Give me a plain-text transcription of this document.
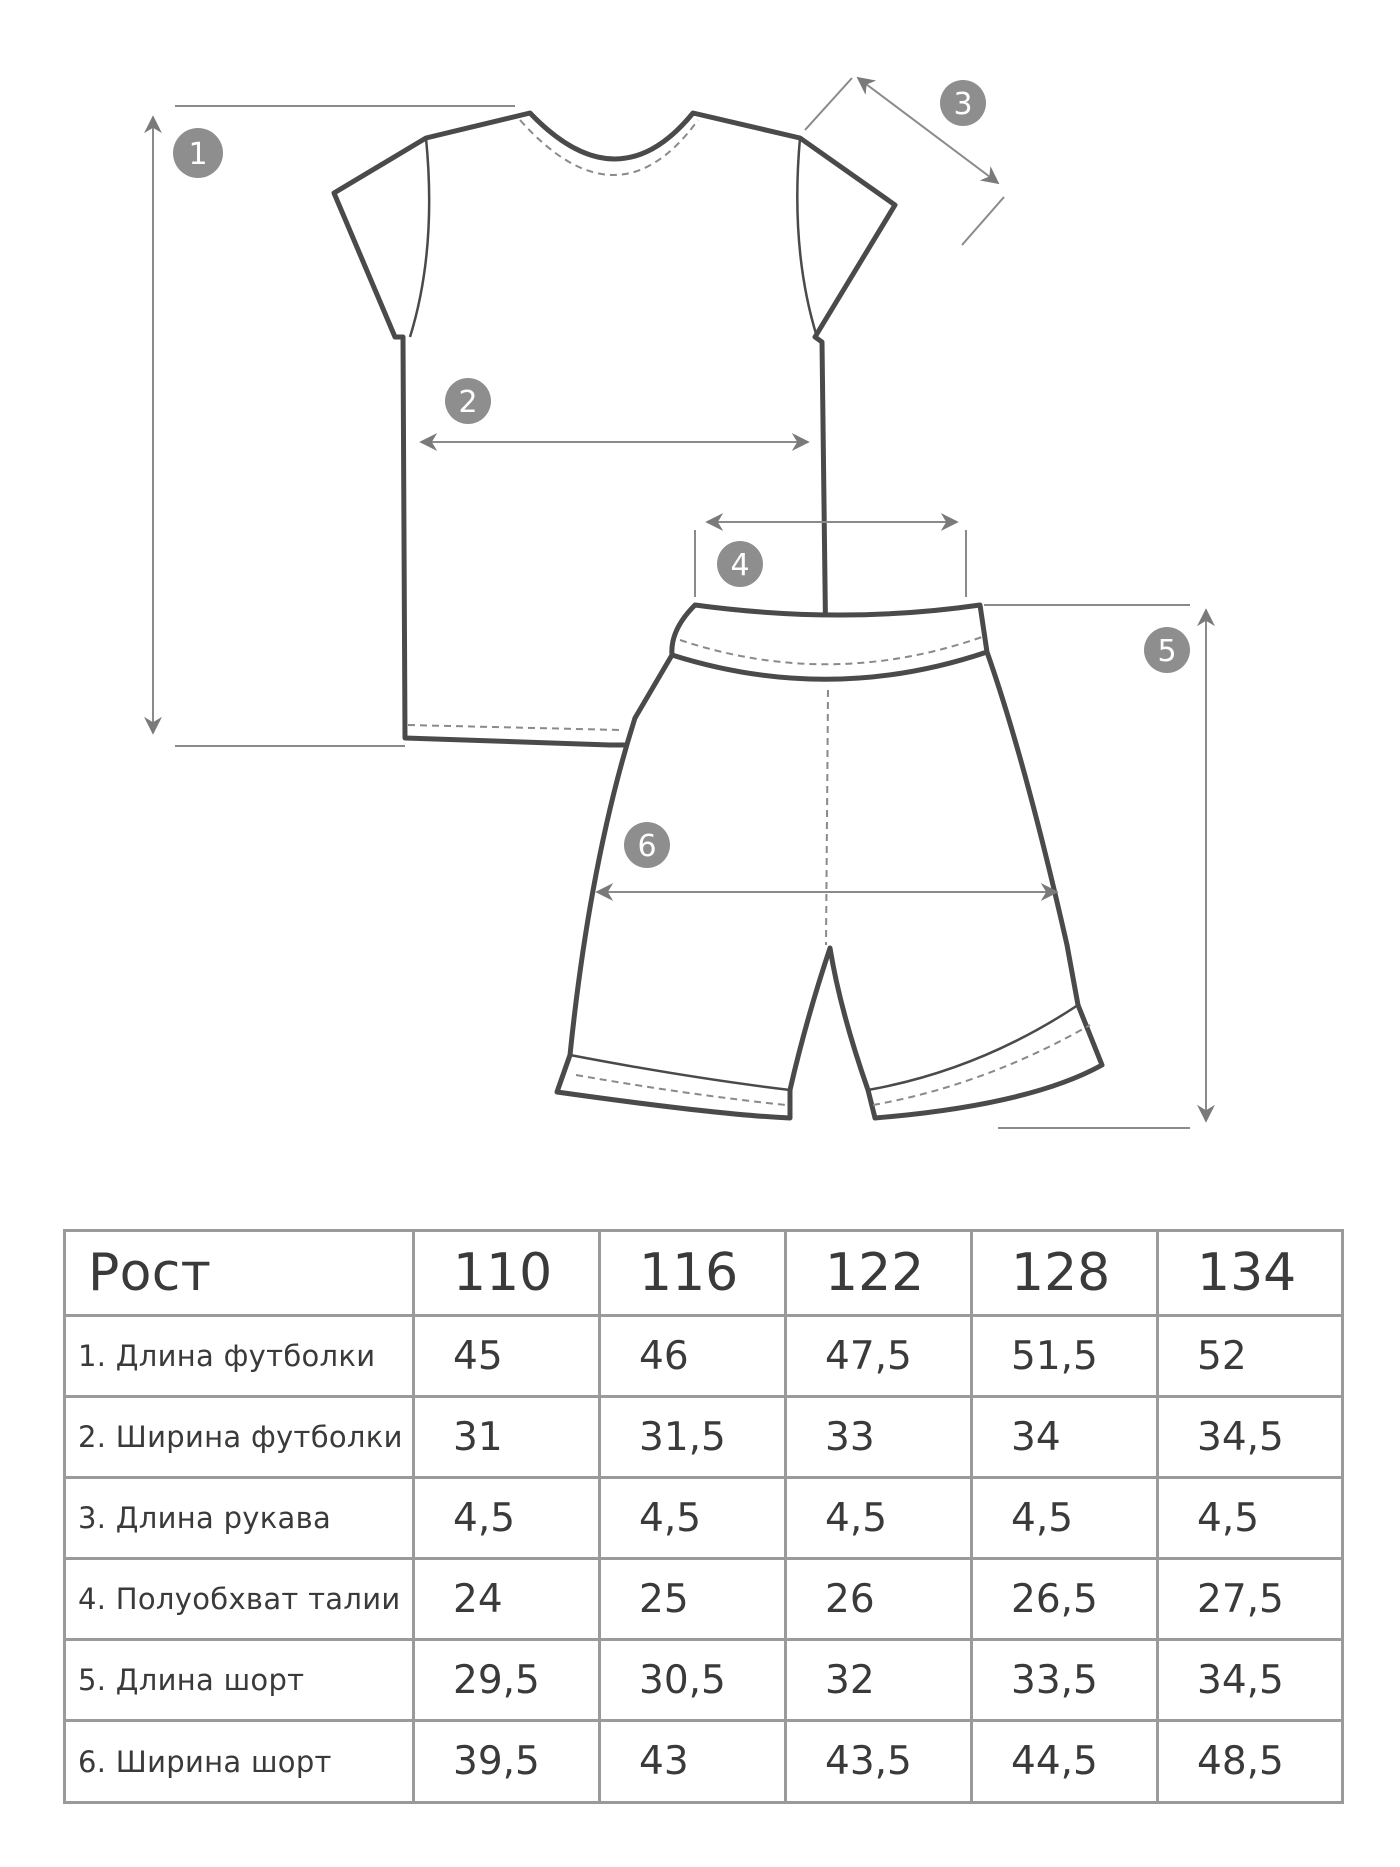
1
2
3
4
5
6
Рост	110	116	122	128	134
1. Длина футболки	45	46	47,5	51,5	52
2. Ширина футболки	31	31,5	33	34	34,5
3. Длина рукава	4,5	4,5	4,5	4,5	4,5
4. Полуобхват талии	24	25	26	26,5	27,5
5. Длина шорт	29,5	30,5	32	33,5	34,5
6. Ширина шорт	39,5	43	43,5	44,5	48,5
